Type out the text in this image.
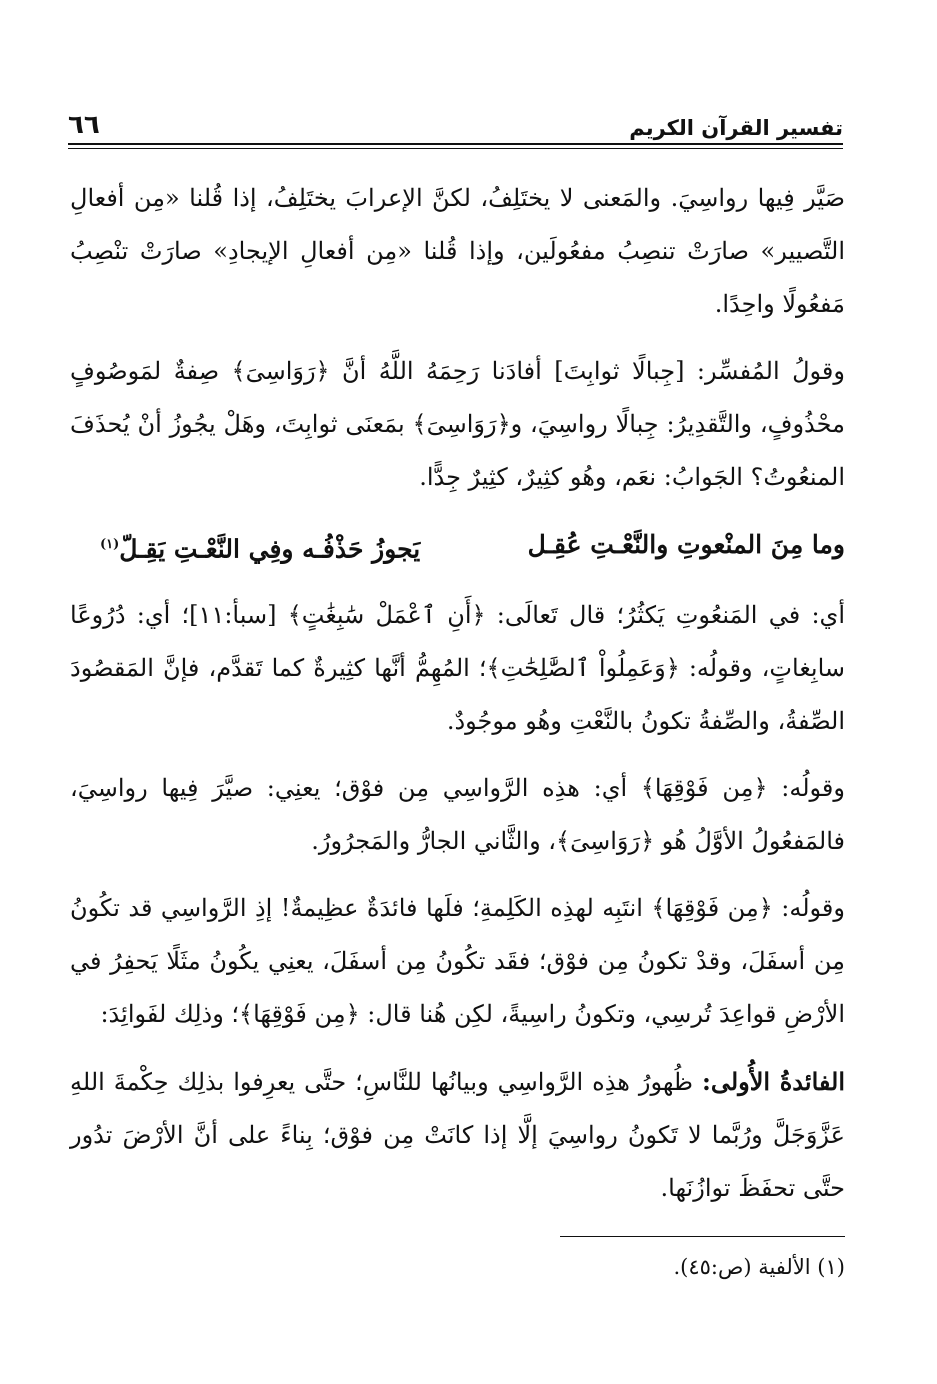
٦٦	تفسير القرآن الكريم

صَيَّر فِيها رواسِيَ. والمَعنى لا يختَلِفُ، لكنَّ الإعرابَ يختَلِفُ، إذا قُلنا «مِن أفعالِ التَّصيير» صارَتْ تنصِبُ مفعُولَين، وإذا قُلنا «مِن أفعالِ الإيجادِ» صارَتْ تنْصِبُ مَفعُولًا واحِدًا.

وقولُ المُفسِّر: [جِبالًا ثوابِتَ] أفادَنا رَحِمَهُ اللَّهُ أنَّ ﴿رَوَاسِىَ﴾ صِفةٌ لمَوصُوفٍ محْذُوفٍ، والتَّقدِيرُ: جِبالًا رواسِيَ، و﴿رَوَاسِىَ﴾ بمَعنَى ثوابِتَ، وهَلْ يجُوزُ أنْ يُحذَفَ المنعُوتُ؟ الجَوابُ: نعَم، وهُو كثِيرٌ، كثِيرٌ جِدًّا.

وما مِنَ المنْعوتِ والنَّعْـتِ عُقِـل
يَجوزُ حَذْفُـه وفِي النَّعْـتِ يَقِـلّ$^{(١)}$

أي: في المَنعُوتِ يَكثُرُ؛ قال تَعالَى: ﴿أَنِ ٱعْمَلْ سَٰبِغَٰتٍ﴾ [سبأ:١١]؛ أي: دُرُوعًا سابِغاتٍ، وقولُه: ﴿وَعَمِلُواْ ٱلصَّٰلِحَٰتِ﴾؛ المُهِمُّ أنَّها كثِيرةٌ كما تَقدَّم، فإنَّ المَقصُودَ الصِّفةُ، والصِّفةُ تكونُ بالنَّعْتِ وهُو موجُودٌ.

وقولُه: ﴿مِن فَوْقِهَا﴾ أي: هذِه الرَّواسِي مِن فوْق؛ يعنِي: صيَّرَ فِيها رواسِيَ، فالمَفعُولُ الأوَّلُ هُو ﴿رَوَاسِىَ﴾، والثَّاني الجارُّ والمَجرُورُ.

وقولُه: ﴿مِن فَوْقِهَا﴾ انتَبِه لهذِه الكَلِمةِ؛ فلَها فائدَةٌ عظِيمةٌ! إذِ الرَّواسِي قد تكُونُ مِن أسفَلَ، وقدْ تكونُ مِن فوْق؛ فقَد تكُونُ مِن أسفَلَ، يعنِي يكُونُ مثَلًا يَحفِرُ في الأرْضِ قواعِدَ تُرسِي، وتكونُ راسِيةً، لكِن هُنا قال: ﴿مِن فَوْقِهَا﴾؛ وذلِك لفَوائِدَ:

الفائدةُ الأُولى: ظُهورُ هذِه الرَّواسِي وبيانُها للنَّاسِ؛ حتَّى يعرِفوا بذلِك حِكْمةَ اللهِ عَزَّوَجَلَّ ورُبَّما لا تَكونُ رواسِيَ إلَّا إذا كانَتْ مِن فوْق؛ بِناءً على أنَّ الأرْضَ تدُور حتَّى تحفَظَ توازُنَها.

(١) الألفية (ص:٤٥).
